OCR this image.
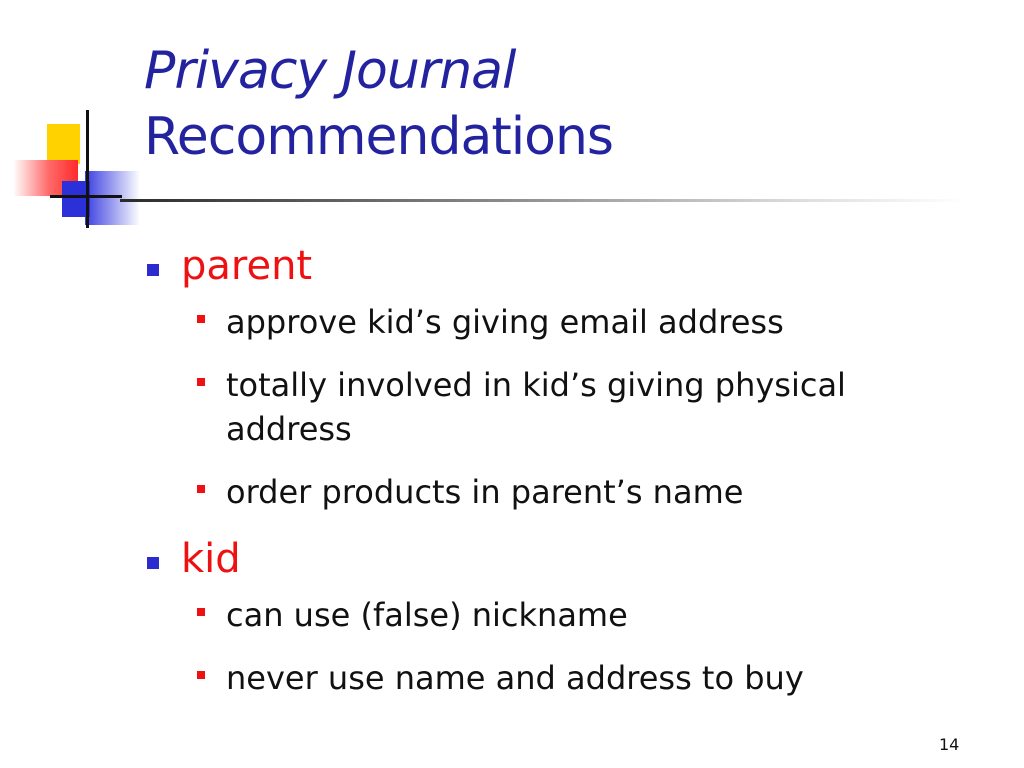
Privacy Journal
Recommendations
parent
approve kid’s giving email address
totally involved in kid’s giving physical address
order products in parent’s name
kid
can use (false) nickname
never use name and address to buy
14
